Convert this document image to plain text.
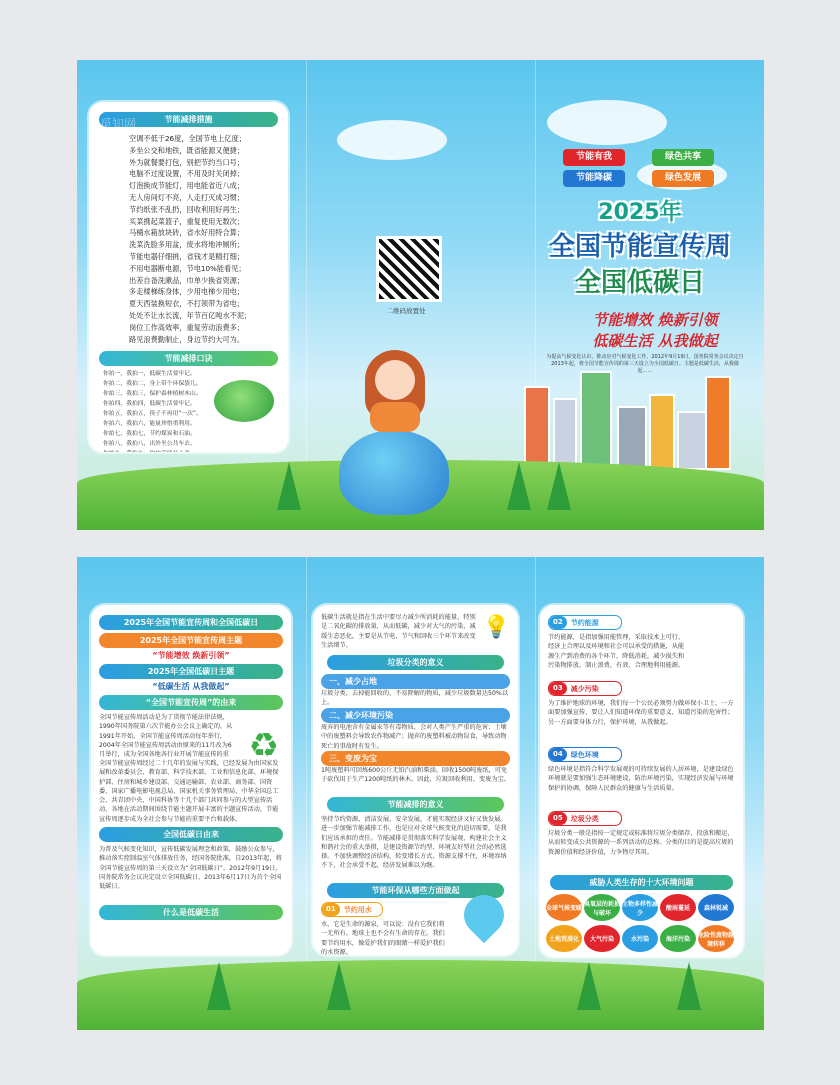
节能减排措施
空调不低于26度，全国节电上亿度；
多坐公交和地铁，既省能源又便捷；
外为就餐要打包，别把节约当口号；
电脑不过度设置，不用及时关闭掉；
灯泡换成节能灯，用电能省近八成；
无人房间灯不亮，人走打灭成习惯；
节约纸张不乱扔，回收利用好再生；
买菜携起菜篮子，重复使用无数次；
马桶水箱放块砖，省水好用特合算；
洗菜洗脸多用盆，废水将地冲厕所；
节能电器仔细挑，省钱才是精打细；
不用电器断电源，节电10%能看见；
出差自备洗漱品，巾单少换省资源；
多走楼梯练身体，少用电梯少用电；
夏天西装换短衣，不打领带为省电；
处处不让水长流，年节百亿吨水不泥；
岗位工作高效率，重复劳动浪费多；
路见浪费勤制止，身边节约大可为。
节能减排口诀
你拍一，我拍一，低碳生活要牢记。
你拍二，我拍二，身上带个环保袋儿。
你拍三，我拍三，保护森林植树木山。
你拍四，我拍四，低碳生活要牢记。
你拍五，我拍五，筷子不再用“一次”。
你拍六，我拍六，能量珍惜重利用。
你拍七，我拍七，节约煤炭和石油。
你拍八，我拍八，出外坐公共车去。
二维码放置处
节能有我	绿色共享
节能降碳	绿色发展
2025年
全国节能宣传周
全国低碳日
节能增效 焕新引领
低碳生活 从我做起
为提高气候变化认识，推动应对气候变化工作，2012年9月19日，国务院常务会议决定自2013年起，将全国节能宣传周的第三天设立为全国低碳日。主题是低碳生活，从我做起……
2025年全国节能宣传周和全国低碳日
2025年全国节能宣传周主题
“节能增效 焕新引领”
2025年全国低碳日主题
“低碳生活 从我做起”
“全国节能宣传周”的由来
全国节能宣传周活动是为了贯彻节能法律法规，1990年国务院第六次节能办公会议上确定的，从1991年开始，全国节能宣传周活动每年举行，2004年全国节能宣传周活动由原来的11月改为6月举行，成为全国各地各行业开展节能宣传的重
全国节能宣传周经过二十几年的发展与实践，已经发展为由国家发展和改革委员会、教育部、科学技术部、工业和信息化部、环境保护部、住房和城乡建设部、交通运输部、农业部、商务部、国资委、国家广播电影电视总局、国家机关事务管理局、中华全国总工会、共青团中央、中国科协等十几个部门共同参与的大型宣传活动，各地在活动期间围绕节能主题开展丰富的主题宣传活动，节能宣传周逐步成为全社会参与节能的重要平台和载体。
全国低碳日由来
为普及气候变化知识，宣传低碳发展理念和政策，鼓励公众参与，推动落实控制温室气体排放任务，经国务院批准，自2013年起，将全国节能宣传周的第三天设立为“全国低碳日”。2012年9月19日，国务院常务会议决定设立全国低碳日，2013年6月17日为首个全国低碳日。
什么是低碳生活
♻
低碳生活就是指在生活中要尽力减少所消耗的能量，特别是二氧化碳的排放量，从而低碳，减少对大气的污染，减缓生态恶化，主要是从节电、节气和回收三个环节来改变生活细节。
垃圾分类的意义
一、减少占地
垃圾分类，去掉能回收的、不易降解的物质，减少垃圾数量达50%以上。
二、减少环境污染
废弃的电池含有金属汞等有毒物质，会对人类产生严重的危害；土壤中的废塑料会导致农作物减产；抛弃的废塑料被动物误食，导致动物死亡的事故时有发生。
三、变废为宝
1吨废塑料可回炼600公斤无铅汽油和柴油。回收1500吨废纸，可免于砍伐用于生产1200吨纸的林木。因此，垃圾回收利用，变废为宝。
节能减排的意义
坚持节约资源、清洁发展、安全发展，才能实现经济又好又快发展。进一步加强节能减排工作，也是应对全球气候变化的迫切需要，是我们应该承担的责任。节能减排是贯彻落实科学发展观、构建社会主义和谐社会的重大举措，是建设资源节约型、环境友好型社会的必然选择。不加快调整经济结构，转变增长方式，资源支撑不住，环境容纳不下，社会承受不起，经济发展难以为继。
节能环保从哪些方面做起
01	节约用水
水，它是生命的源泉，可以说：没有它我们将一无所有。地球上也不会有生命的存在。我们要节约用水，像爱护我们的眼睛一样爱护我们的水资源。
💡	02	节约能源
节约能源，是指加强用能管理，采取技术上可行、经济上合理以及环境和社会可以承受的措施，从能源生产到消费的各个环节，降低消耗，减少损失和污染物排放，制止浪费，有效、合理地利用能源。
03	减少污染
为了维护地球的环境，我们每一个公民必须努力做环保小卫士，一方面要加强宣传，要让人们知道环保的重要意义，知道污染的危害性；另一方面要身体力行，保护环境，从我做起。
04	绿色环境
绿色环境是指符合科学发展观的可持续发展的人居环境，是建设绿色环境就是要加强生态环境建设，防治环境污染，实现经济发展与环境保护的协调，保障人民群众的健康与生活质量。
05	垃圾分类
垃圾分类一般是指按一定规定或标准将垃圾分类储存、投放和搬运，从而转变成公共资源的一系列活动的总称。分类的目的是提高垃圾的资源价值和经济价值，力争物尽其用。
威胁人类生存的十大环境问题
全球气候变暖
臭氧层的耗损与破坏
生物多样性减少
酸雨蔓延	森林锐减
土地荒漠化	大气污染	水污染	海洋污染
危险性废物越境转移
觅知网
觅知网
